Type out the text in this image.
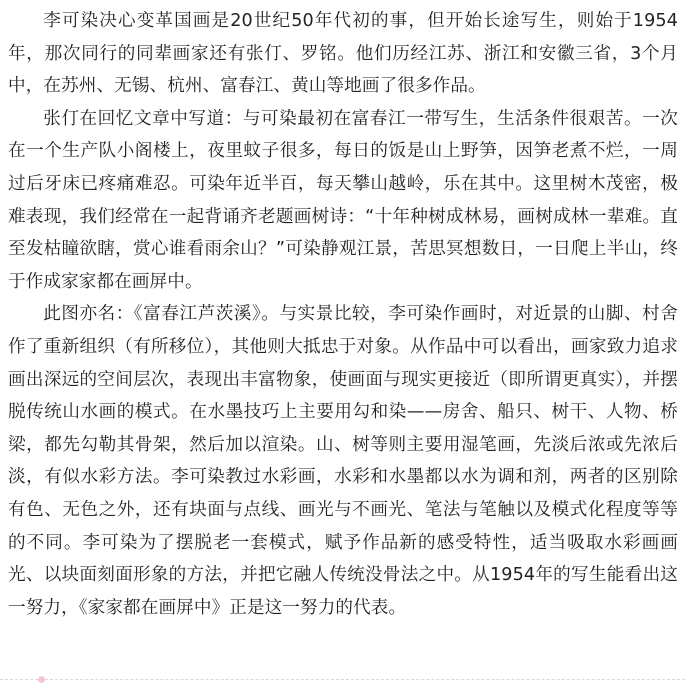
李可染决心变革国画是20世纪50年代初的事，但开始长途写生，则始于1954年，那次同行的同辈画家还有张仃、罗铭。他们历经江苏、浙江和安徽三省，3个月中，在苏州、无锡、杭州、富春江、黄山等地画了很多作品。

张仃在回忆文章中写道：与可染最初在富春江一带写生，生活条件很艰苦。一次在一个生产队小阁楼上，夜里蚊子很多，每日的饭是山上野笋，因笋老煮不烂，一周过后牙床已疼痛难忍。可染年近半百，每天攀山越岭，乐在其中。这里树木茂密，极难表现，我们经常在一起背诵齐老题画树诗：“十年种树成林易，画树成林一辈难。直至发枯瞳欲瞎，赏心谁看雨余山？”可染静观江景，苦思冥想数日，一日爬上半山，终于作成家家都在画屏中。

此图亦名：《富春江芦茨溪》。与实景比较，李可染作画时，对近景的山脚、村舍作了重新组织（有所移位），其他则大抵忠于对象。从作品中可以看出，画家致力追求画出深远的空间层次，表现出丰富物象，使画面与现实更接近（即所谓更真实），并摆脱传统山水画的模式。在水墨技巧上主要用勾和染——房舍、船只、树干、人物、桥梁，都先勾勒其骨架，然后加以渲染。山、树等则主要用湿笔画，先淡后浓或先浓后淡，有似水彩方法。李可染教过水彩画，水彩和水墨都以水为调和剂，两者的区别除有色、无色之外，还有块面与点线、画光与不画光、笔法与笔触以及模式化程度等等的不同。李可染为了摆脱老一套模式，赋予作品新的感受特性，适当吸取水彩画画光、以块面刻面形象的方法，并把它融人传统没骨法之中。从1954年的写生能看出这一努力，《家家都在画屏中》正是这一努力的代表。
